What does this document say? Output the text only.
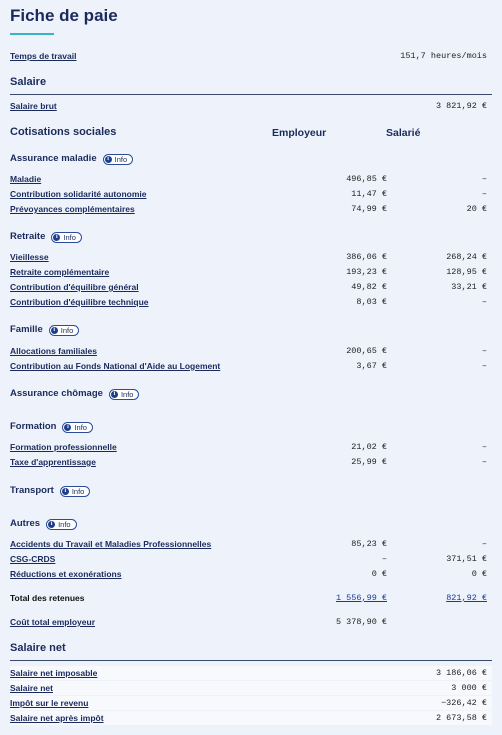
Fiche de paie
Temps de travail	151,7 heures/mois
Salaire
Salaire brut	3 821,92 €
Cotisations sociales	Employeur	Salarié
Assurance maladie	i Info
Maladie	496,85 €	–
Contribution solidarité autonomie	11,47 €	–
Prévoyances complémentaires	74,99 €	20 €
Retraite	i Info
Vieillesse	386,06 €	268,24 €
Retraite complémentaire	193,23 €	128,95 €
Contribution d'équilibre général	49,82 €	33,21 €
Contribution d'équilibre technique	8,03 €	–
Famille	i Info
Allocations familiales	200,65 €	–
Contribution au Fonds National d'Aide au Logement	3,67 €	–
Assurance chômage	i Info
Formation	i Info
Formation professionnelle	21,02 €	–
Taxe d'apprentissage	25,99 €	–
Transport	i Info
Autres	i Info
Accidents du Travail et Maladies Professionnelles	85,23 €	–
CSG-CRDS	–	371,51 €
Réductions et exonérations	0 €	0 €
Total des retenues	1 556,99 €	821,92 €
Coût total employeur	5 378,90 €
Salaire net
Salaire net imposable	3 186,06 €
Salaire net	3 000 €
Impôt sur le revenu	−326,42 €
Salaire net après impôt	2 673,58 €
